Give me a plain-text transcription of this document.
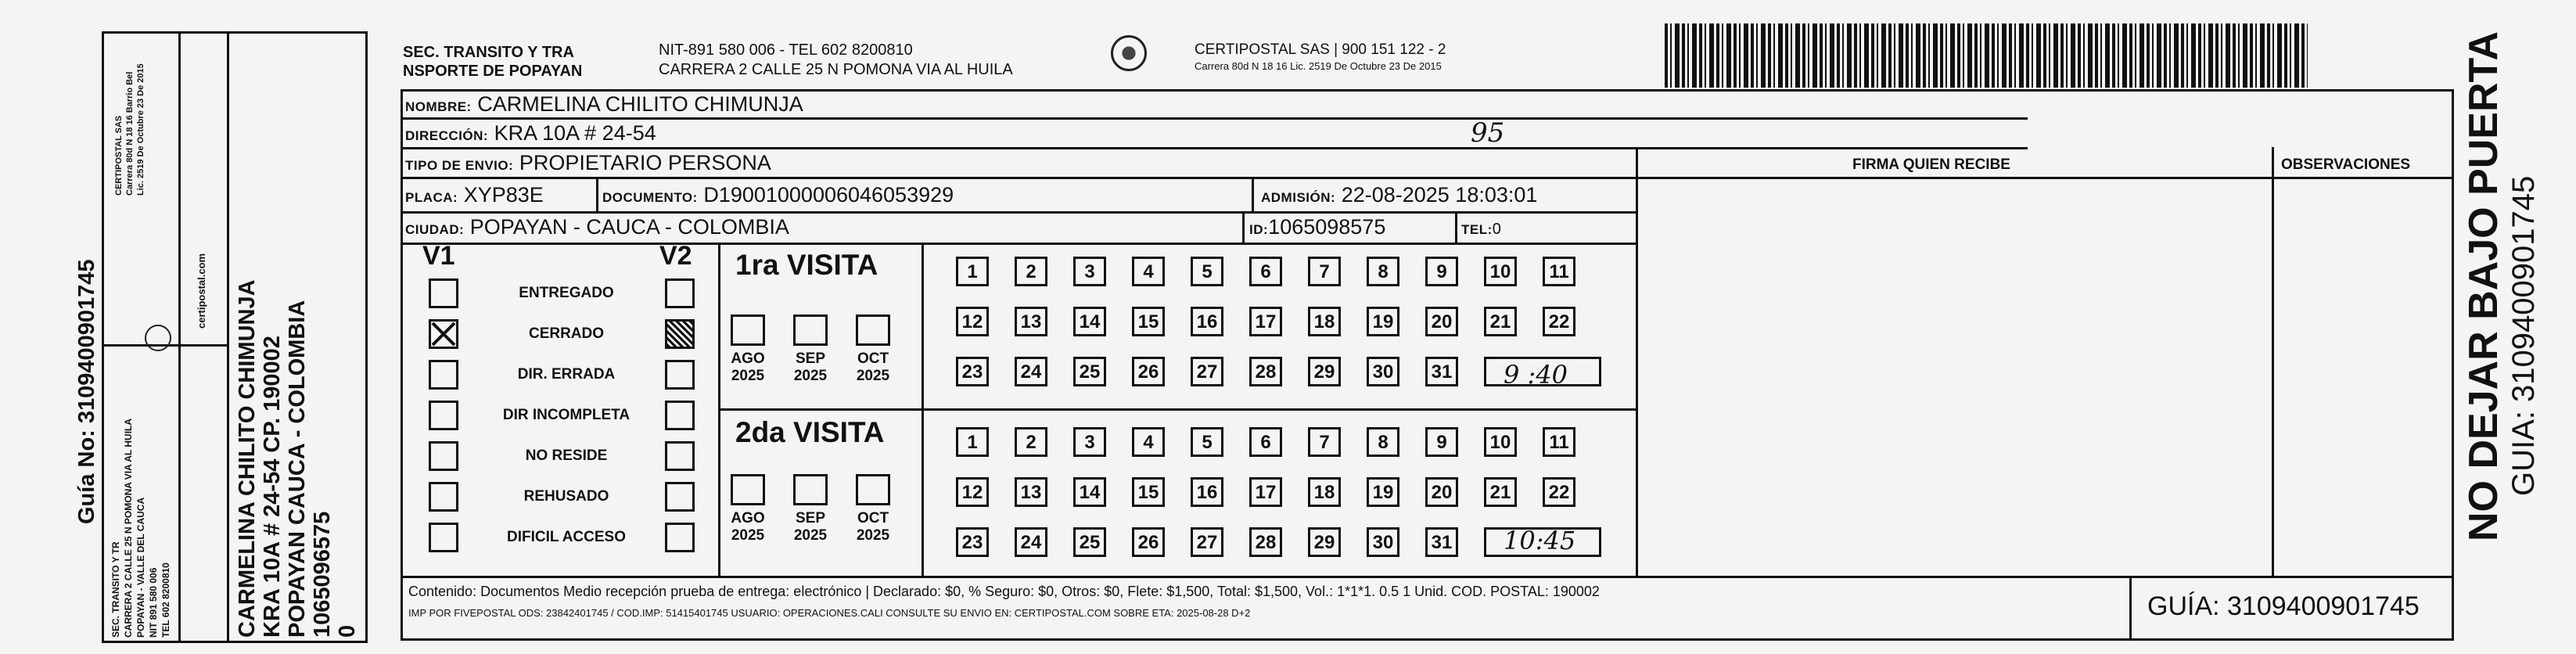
Guía No: 3109400901745
SEC. TRANSITO Y TR CARRERA 2 CALLE 25 N POMONA VIA AL HUILA POPAYAN - VALLE DEL CAUCA NIT 891 580 006 TEL 602 8200810
CERTIPOSTAL SAS Carrera 80d N 18 16 Barrio Bel Lic. 2519 De Octubre 23 De 2015
certipostal.com CARMELINA CHILITO CHIMUNJA KRA 10A # 24-54 CP. 190002 POPAYAN CAUCA - COLOMBIA 1065096575 0
SEC. TRANSITO Y TRA
NSPORTE DE POPAYAN
NIT-891 580 006 - TEL 602 8200810
CARRERA 2 CALLE 25 N POMONA VIA AL HUILA
CERTIPOSTAL SAS | 900 151 122 - 2
Carrera 80d N 18 16 Lic. 2519 De Octubre 23 De 2015
NOMBRE: CARMELINA CHILITO CHIMUNJA
DIRECCIÓN: KRA 10A # 24-54	95
TIPO DE ENVIO: PROPIETARIO PERSONA
PLACA: XYP83E	DOCUMENTO: D19001000006046053929	ADMISIÓN: 22-08-2025 18:03:01
CIUDAD: POPAYAN - CAUCA - COLOMBIA	ID:1065098575	TEL:0
FIRMA QUIEN RECIBE	OBSERVACIONES
V1	V2
ENTREGADO
CERRADO
DIR. ERRADA
DIR INCOMPLETA
NO RESIDE
REHUSADO
DIFICIL ACCESO
1ra VISITA
AGO
2025
SEP
2025
OCT
2025
1	2	3	4	5	6	7	8	9	10	11
12	13	14	15	16	17	18	19	20	21	22
23	24	25	26	27	28	29	30	31 9 :40
2da VISITA
AGO
2025
SEP
2025
OCT
2025
1	2	3	4	5	6	7	8	9	10	11
12	13	14	15	16	17	18	19	20	21	22
23	24	25	26	27	28	29	30	31 10:45
Contenido: Documentos Medio recepción prueba de entrega: electrónico | Declarado: $0, % Seguro: $0, Otros: $0, Flete: $1,500, Total: $1,500, Vol.: 1*1*1. 0.5 1 Unid. COD. POSTAL: 190002
IMP POR FIVEPOSTAL ODS: 23842401745 / COD.IMP: 51415401745 USUARIO: OPERACIONES.CALI CONSULTE SU ENVIO EN: CERTIPOSTAL.COM SOBRE ETA: 2025-08-28 D+2	GUÍA: 3109400901745
NO DEJAR BAJO PUERTA GUIA: 3109400901745
